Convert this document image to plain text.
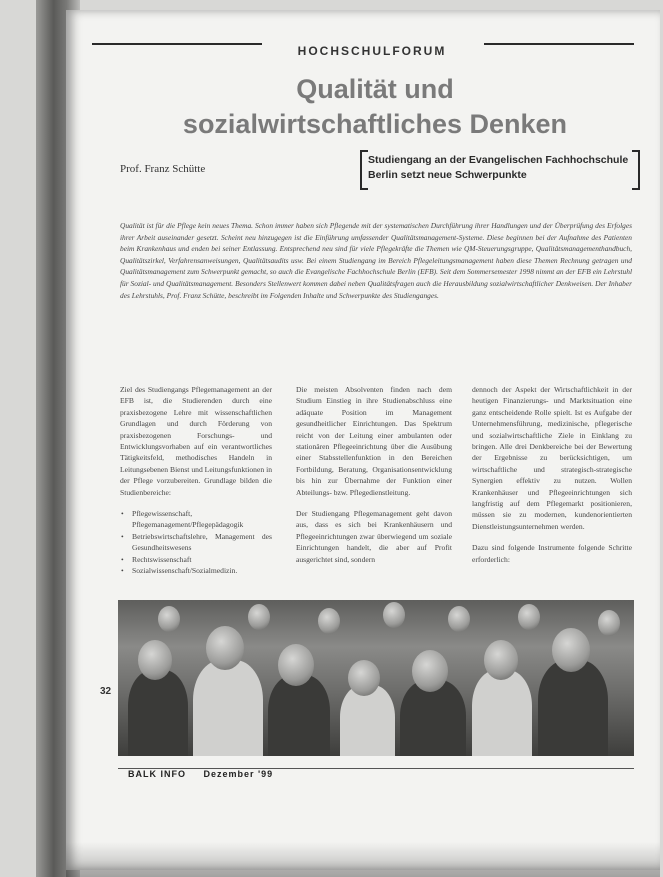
HOCHSCHULFORUM
Qualität und
sozialwirtschaftliches Denken
Prof. Franz Schütte
Studiengang an der Evangelischen Fachhochschule
Berlin setzt neue Schwerpunkte
Qualität ist für die Pflege kein neues Thema. Schon immer haben sich Pflegende mit der systematischen Durchführung ihrer Handlungen und der Überprüfung des Erfolges ihrer Arbeit auseinander gesetzt. Scheint neu hinzugegen ist die Einführung umfassender Qualitätsmanagement-Systeme. Diese beginnen bei der Aufnahme des Patienten beim Krankenhaus und enden bei seiner Entlassung. Entsprechend neu sind für viele Pflegekräfte die Themen wie QM-Steuerungsgruppe, Qualitätsmanagementhandbuch, Qualitätszirkel, Verfahrensanweisungen, Qualitätsaudits usw. Bei einem Studiengang im Bereich Pflegeleitungsmanagement haben diese Themen Rechnung getragen und Qualitätsmanagement zum Schwerpunkt gemacht, so auch die Evangelische Fachhochschule Berlin (EFB). Seit dem Sommersemester 1998 nimmt an der EFB ein Lehrstuhl für Sozial- und Qualitätsmanagement. Besonders Stellenwert kommen dabei neben Qualitätsfragen auch die Herausbildung sozialwirtschaftlicher Denkweisen. Der Inhaber des Lehrstuhls, Prof. Franz Schütte, beschreibt im Folgenden Inhalte und Schwerpunkte des Studienganges.

Ziel des Studiengangs Pflegemanagement an der EFB ist, die Studierenden durch eine praxisbezogene Lehre mit wissenschaftlichen Grundlagen und durch Förderung von praxisbezogenen Forschungs- und Entwicklungsvorhaben auf ein verantwortliches Tätigkeitsfeld, methodisches Handeln in Leitungsebenen Bienst und Leitungsfunktionen in der Pflege vorzubereiten. Grundlage bilden die Studienbereiche:

• Pflegewissenschaft, Pflegemanagement/Pflegepädagogik
• Betriebswirtschaftslehre, Management des Gesundheitswesens
• Rechtswissenschaft
• Sozialwissenschaft/Sozialmedizin.

Die meisten Absolventen finden nach dem Studium Einstieg in ihre Studienabschluss eine adäquate Position im Management gesundheitlicher Einrichtungen. Das Spektrum reicht von der Leitung einer ambulanten oder stationären Pflegeeinrichtung über die Ausübung einer Stabsstellenfunktion in den Bereichen Fortbildung, Beratung, Organisationsentwicklung bis hin zur Übernahme der Funktion einer Abteilungs- bzw. Pflegedienstleitung.

Der Studiengang Pflegemanagement geht davon aus, dass es sich bei Krankenhäusern und Pflegeeinrichtungen zwar überwiegend um soziale Einrichtungen handelt, die aber auf Profit ausgerichtet sind, sondern

dennoch der Aspekt der Wirtschaftlichkeit in der heutigen Finanzierungs- und Marktsituation eine ganz entscheidende Rolle spielt. Ist es Aufgabe der Unternehmensführung, medizinische, pflegerische und sozialwirtschaftliche Ziele in Einklang zu bringen. Alle drei Denkbereiche bei der Bewertung der Ergebnisse zu berücksichtigen, um wirtschaftliche und strategisch-strategische Synergien effektiv zu nutzen. Wollen Krankenhäuser und Pflegeeinrichtungen sich langfristig auf dem Pflegemarkt positionieren, müssen sie zu modernen, kundenorientierten Dienstleistungsunternehmen werden.

Dazu sind folgende Instrumente folgende Schritte erforderlich:

32
BALK INFO Dezember '99
